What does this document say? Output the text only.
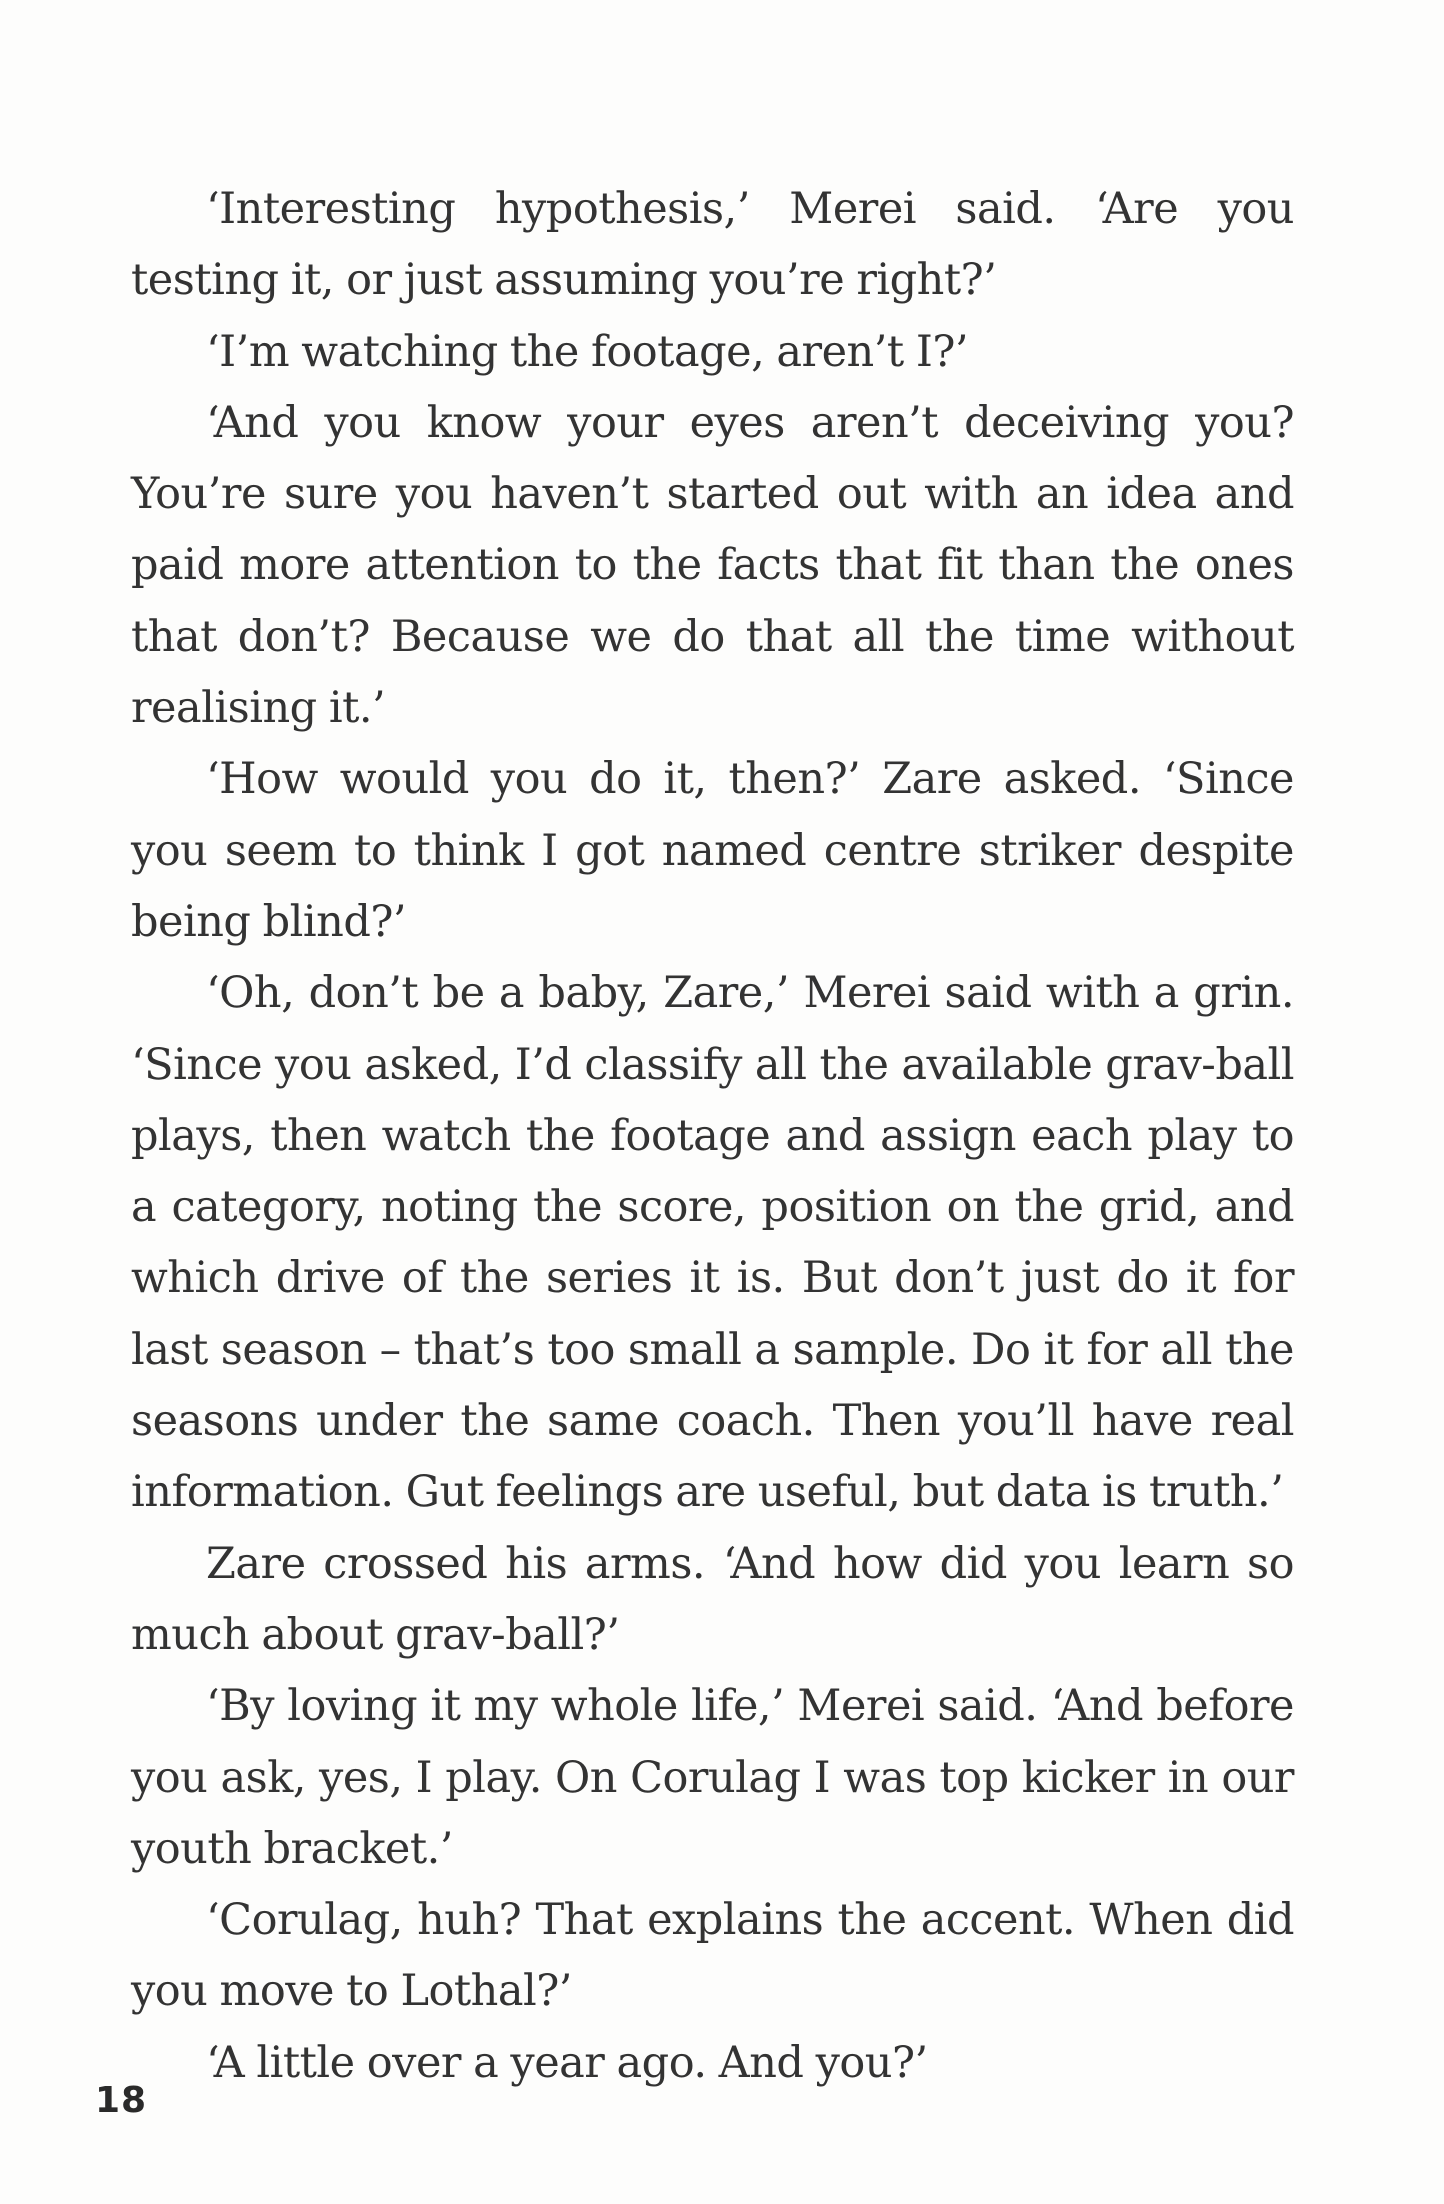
‘Interesting hypothesis,’ Merei said. ‘Are you testing it, or just assuming you’re right?’

‘I’m watching the footage, aren’t I?’

‘And you know your eyes aren’t deceiving you? You’re sure you haven’t started out with an idea and paid more attention to the facts that fit than the ones that don’t? Because we do that all the time without realising it.’

‘How would you do it, then?’ Zare asked. ‘Since you seem to think I got named centre striker despite being blind?’

‘Oh, don’t be a baby, Zare,’ Merei said with a grin. ‘Since you asked, I’d classify all the available grav-ball plays, then watch the footage and assign each play to a category, noting the score, position on the grid, and which drive of the series it is. But don’t just do it for last season – that’s too small a sample. Do it for all the seasons under the same coach. Then you’ll have real information. Gut feelings are useful, but data is truth.’

Zare crossed his arms. ‘And how did you learn so much about grav-ball?’

‘By loving it my whole life,’ Merei said. ‘And before you ask, yes, I play. On Corulag I was top kicker in our youth bracket.’

‘Corulag, huh? That explains the accent. When did you move to Lothal?’

‘A little over a year ago. And you?’

18
